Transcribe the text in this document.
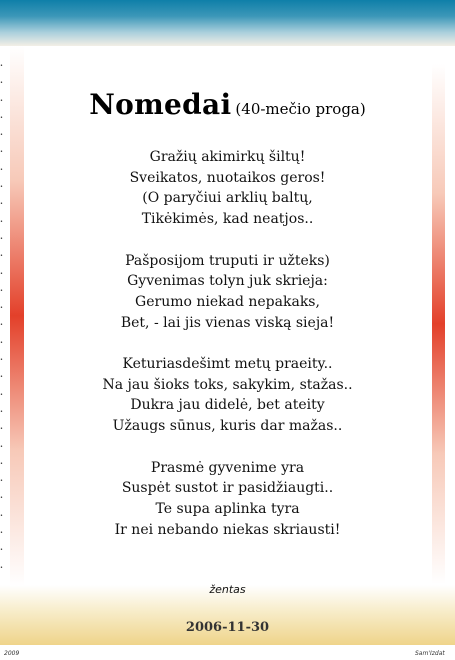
•
•
•
•
•
•
•
•
•
•
•
•
•
•
•
•
•
•
•
•
•
•
•
•
•
•
•
•
•
•
Nomedai (40-mečio proga)
Gražių akimirkų šiltų!
Sveikatos, nuotaikos geros!
(O paryčiui arklių baltų,
Tikėkimės, kad neatjos..
Pašposijom truputi ir užteks)
Gyvenimas tolyn juk skrieja:
Gerumo niekad nepakaks,
Bet, - lai jis vienas viską sieja!
Keturiasdešimt metų praeity..
Na jau šioks toks, sakykim, stažas..
Dukra jau didelė, bet ateity
Užaugs sūnus, kuris dar mažas..
Prasmė gyvenime yra
Suspėt sustot ir pasidžiaugti..
Te supa aplinka tyra
Ir nei nebando niekas skriausti!
žentas
2006-11-30
2009	Sam'Izdat
